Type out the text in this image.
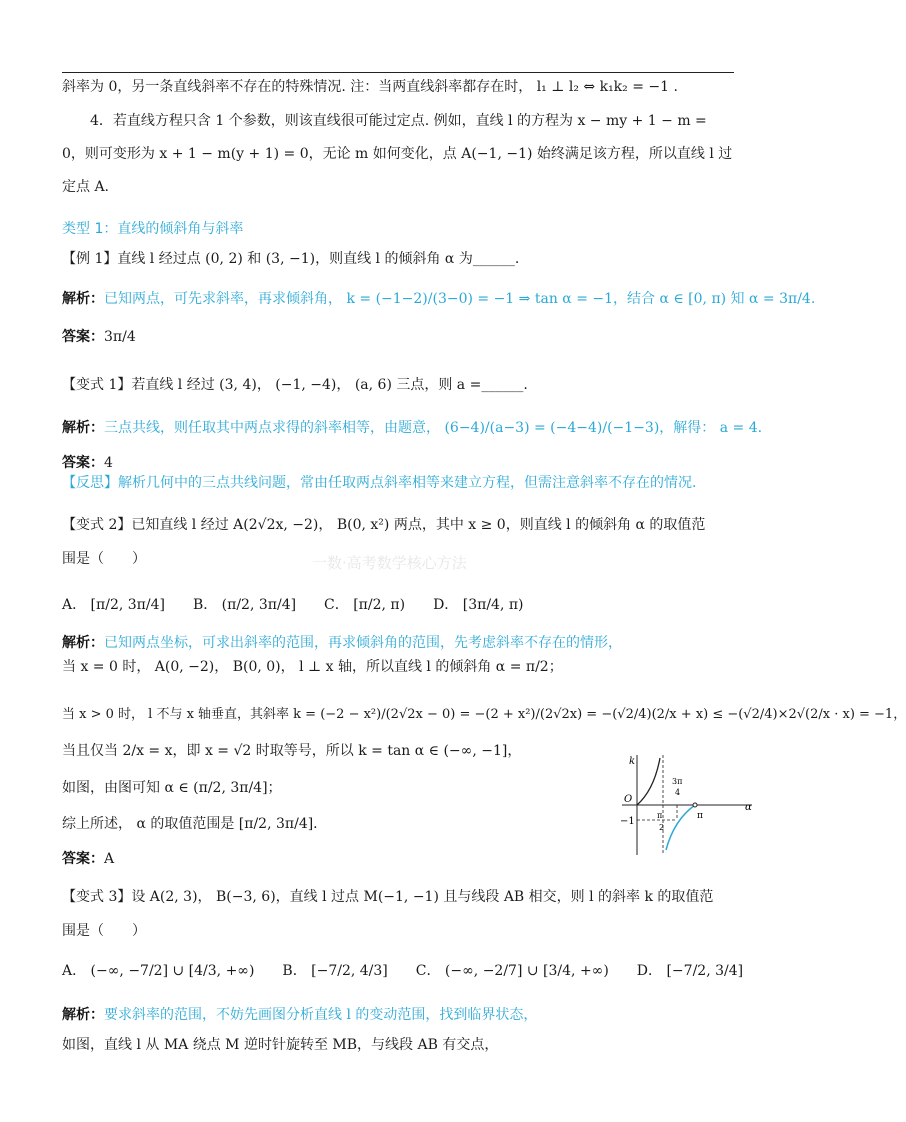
斜率为 0，另一条直线斜率不存在的特殊情况. 注：当两直线斜率都存在时， l₁ ⊥ l₂ ⇔ k₁k₂ = −1 .
　　4．若直线方程只含 1 个参数，则该直线很可能过定点. 例如，直线 l 的方程为 x − my + 1 − m =
0，则可变形为 x + 1 − m(y + 1) = 0，无论 m 如何变化，点 A(−1, −1) 始终满足该方程，所以直线 l 过
定点 A.
类型 1：直线的倾斜角与斜率
【例 1】直线 l 经过点 (0, 2) 和 (3, −1)，则直线 l 的倾斜角 α 为______.
解析：已知两点，可先求斜率，再求倾斜角， k = (−1−2)/(3−0) = −1 ⇒ tan α = −1，结合 α ∈ [0, π) 知 α = 3π/4.
答案：3π/4
【变式 1】若直线 l 经过 (3, 4)， (−1, −4)， (a, 6) 三点，则 a =______.
解析：三点共线，则任取其中两点求得的斜率相等，由题意， (6−4)/(a−3) = (−4−4)/(−1−3)，解得： a = 4.
答案：4
【反思】解析几何中的三点共线问题，常由任取两点斜率相等来建立方程，但需注意斜率不存在的情况.
【变式 2】已知直线 l 经过 A(2√2x, −2)， B(0, x²) 两点，其中 x ≥ 0，则直线 l 的倾斜角 α 的取值范
围是（　　）	一数·高考数学核心方法
A． [π/2, 3π/4]　　B． (π/2, 3π/4]　　C． [π/2, π)　　D． [3π/4, π)
解析：已知两点坐标，可求出斜率的范围，再求倾斜角的范围，先考虑斜率不存在的情形，
当 x = 0 时， A(0, −2)， B(0, 0)， l ⊥ x 轴，所以直线 l 的倾斜角 α = π/2；
当 x > 0 时， l 不与 x 轴垂直，其斜率 k = (−2 − x²)/(2√2x − 0) = −(2 + x²)/(2√2x) = −(√2/4)(2/x + x) ≤ −(√2/4)×2√(2/x · x) = −1，
当且仅当 2/x = x，即 x = √2 时取等号，所以 k = tan α ∈ (−∞, −1]，
如图，由图可知 α ∈ (π/2, 3π/4]；
综上所述， α 的取值范围是 [π/2, 3π/4].
答案：A
【变式 3】设 A(2, 3)， B(−3, 6)，直线 l 过点 M(−1, −1) 且与线段 AB 相交，则 l 的斜率 k 的取值范
围是（　　）
A． (−∞, −7/2] ∪ [4/3, +∞)　　B． [−7/2, 4/3]　　C． (−∞, −2/7] ∪ [3/4, +∞)　　D． [−7/2, 3/4]
解析：要求斜率的范围，不妨先画图分析直线 l 的变动范围，找到临界状态，
如图，直线 l 从 MA 绕点 M 逆时针旋转至 MB，与线段 AB 有交点，
k
α
O
−1
3π
4
π
2
π
